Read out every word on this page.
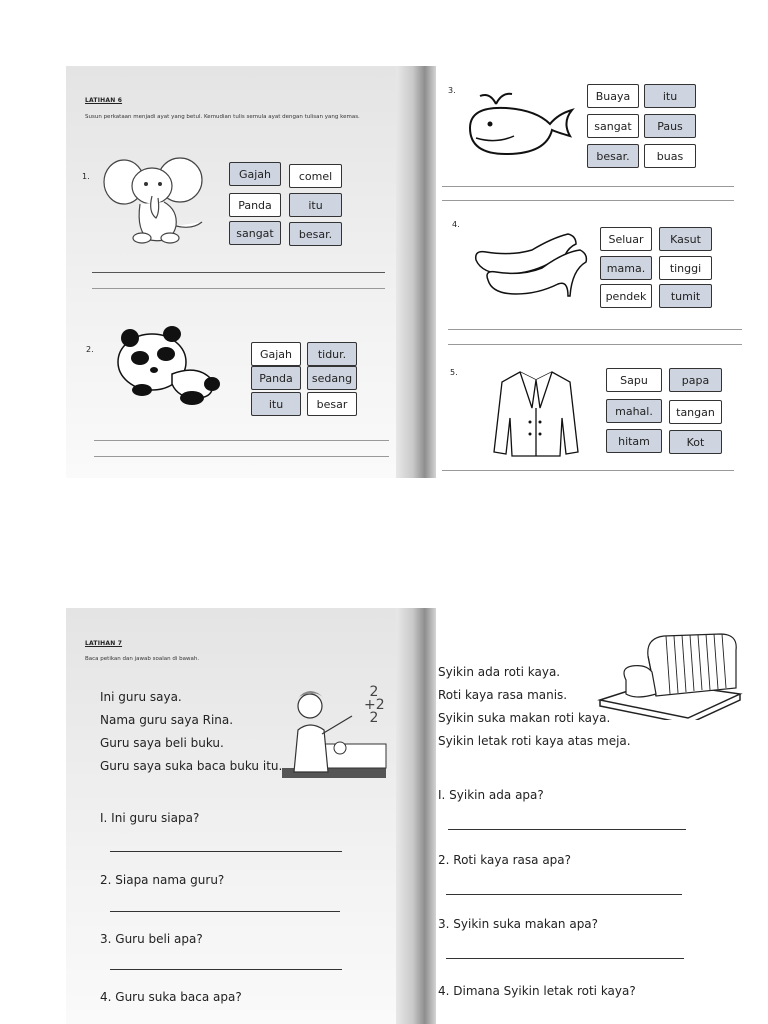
LATIHAN 6
Susun perkataan menjadi ayat yang betul. Kemudian tulis semula ayat dengan tulisan yang kemas.
1.	Gajah	comel
Panda	itu
sangat	besar.
2.	Gajah	tidur.
Panda	sedang
itu	besar
3.	Buaya	itu
sangat	Paus
besar.	buas
4.
Seluar	Kasut
mama.	tinggi
pendek	tumit
5.
Sapu	papa
mahal.	tangan
hitam	Kot
LATIHAN 7
Baca petikan dan jawab soalan di bawah.
Ini guru saya.
Nama guru saya Rina.
Guru saya beli buku.
Guru saya suka baca buku itu.
2
+2
2
I. Ini guru siapa?
2. Siapa nama guru?
3. Guru beli apa?
4. Guru suka baca apa?
Syikin ada roti kaya.
Roti kaya rasa manis.
Syikin suka makan roti kaya.
Syikin letak roti kaya atas meja.
I. Syikin ada apa?
2. Roti kaya rasa apa?
3. Syikin suka makan apa?
4. Dimana Syikin letak roti kaya?
